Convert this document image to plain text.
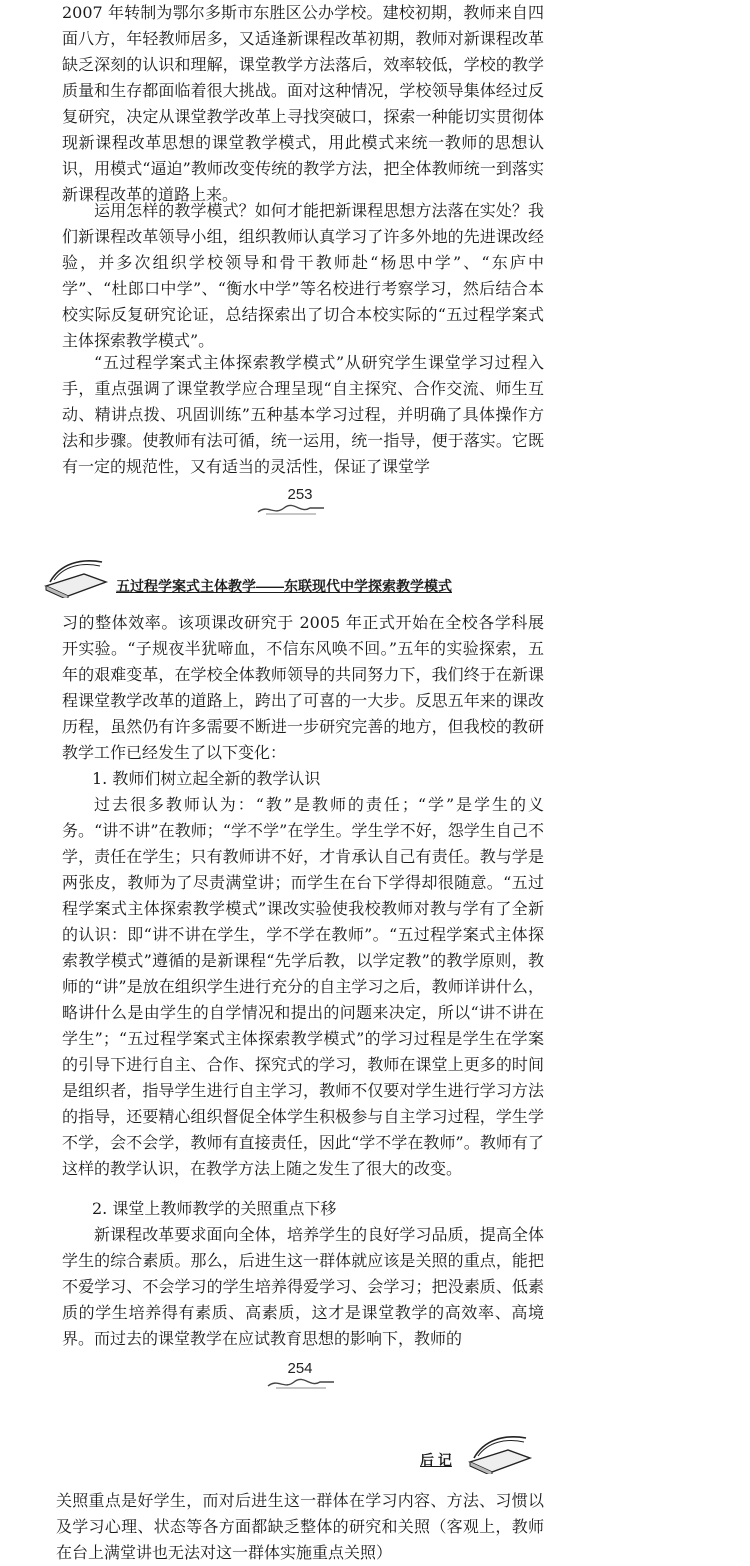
2007 年转制为鄂尔多斯市东胜区公办学校。建校初期，教师来自四面八方，年轻教师居多，又适逢新课程改革初期，教师对新课程改革缺乏深刻的认识和理解，课堂教学方法落后，效率较低，学校的教学质量和生存都面临着很大挑战。面对这种情况，学校领导集体经过反复研究，决定从课堂教学改革上寻找突破口，探索一种能切实贯彻体现新课程改革思想的课堂教学模式，用此模式来统一教师的思想认识，用模式“逼迫”教师改变传统的教学方法，把全体教师统一到落实新课程改革的道路上来。

运用怎样的教学模式？如何才能把新课程思想方法落在实处？我们新课程改革领导小组，组织教师认真学习了许多外地的先进课改经验，并多次组织学校领导和骨干教师赴“杨思中学”、“东庐中学”、“杜郎口中学”、“衡水中学”等名校进行考察学习，然后结合本校实际反复研究论证，总结探索出了切合本校实际的“五过程学案式主体探索教学模式”。

“五过程学案式主体探索教学模式”从研究学生课堂学习过程入手，重点强调了课堂教学应合理呈现“自主探究、合作交流、师生互动、精讲点拨、巩固训练”五种基本学习过程，并明确了具体操作方法和步骤。使教师有法可循，统一运用，统一指导，便于落实。它既有一定的规范性，又有适当的灵活性，保证了课堂学

253

五过程学案式主体教学——东联现代中学探索教学模式

习的整体效率。该项课改研究于 2005 年正式开始在全校各学科展开实验。“子规夜半犹啼血，不信东风唤不回。”五年的实验探索，五年的艰难变革，在学校全体教师领导的共同努力下，我们终于在新课程课堂教学改革的道路上，跨出了可喜的一大步。反思五年来的课改历程，虽然仍有许多需要不断进一步研究完善的地方，但我校的教研教学工作已经发生了以下变化：

1. 教师们树立起全新的教学认识

过去很多教师认为：“教”是教师的责任；“学”是学生的义务。“讲不讲”在教师；“学不学”在学生。学生学不好，怨学生自己不学，责任在学生；只有教师讲不好，才肯承认自己有责任。教与学是两张皮，教师为了尽责满堂讲；而学生在台下学得却很随意。“五过程学案式主体探索教学模式”课改实验使我校教师对教与学有了全新的认识：即“讲不讲在学生，学不学在教师”。“五过程学案式主体探索教学模式”遵循的是新课程“先学后教，以学定教”的教学原则，教师的“讲”是放在组织学生进行充分的自主学习之后，教师详讲什么，略讲什么是由学生的自学情况和提出的问题来决定，所以“讲不讲在学生”；“五过程学案式主体探索教学模式”的学习过程是学生在学案的引导下进行自主、合作、探究式的学习，教师在课堂上更多的时间是组织者，指导学生进行自主学习，教师不仅要对学生进行学习方法的指导，还要精心组织督促全体学生积极参与自主学习过程，学生学不学，会不会学，教师有直接责任，因此“学不学在教师”。教师有了这样的教学认识，在教学方法上随之发生了很大的改变。

2. 课堂上教师教学的关照重点下移

新课程改革要求面向全体，培养学生的良好学习品质，提高全体学生的综合素质。那么，后进生这一群体就应该是关照的重点，能把不爱学习、不会学习的学生培养得爱学习、会学习；把没素质、低素质的学生培养得有素质、高素质，这才是课堂教学的高效率、高境界。而过去的课堂教学在应试教育思想的影响下，教师的

254

后 记

关照重点是好学生，而对后进生这一群体在学习内容、方法、习惯以及学习心理、状态等各方面都缺乏整体的研究和关照（客观上，教师在台上满堂讲也无法对这一群体实施重点关照）
